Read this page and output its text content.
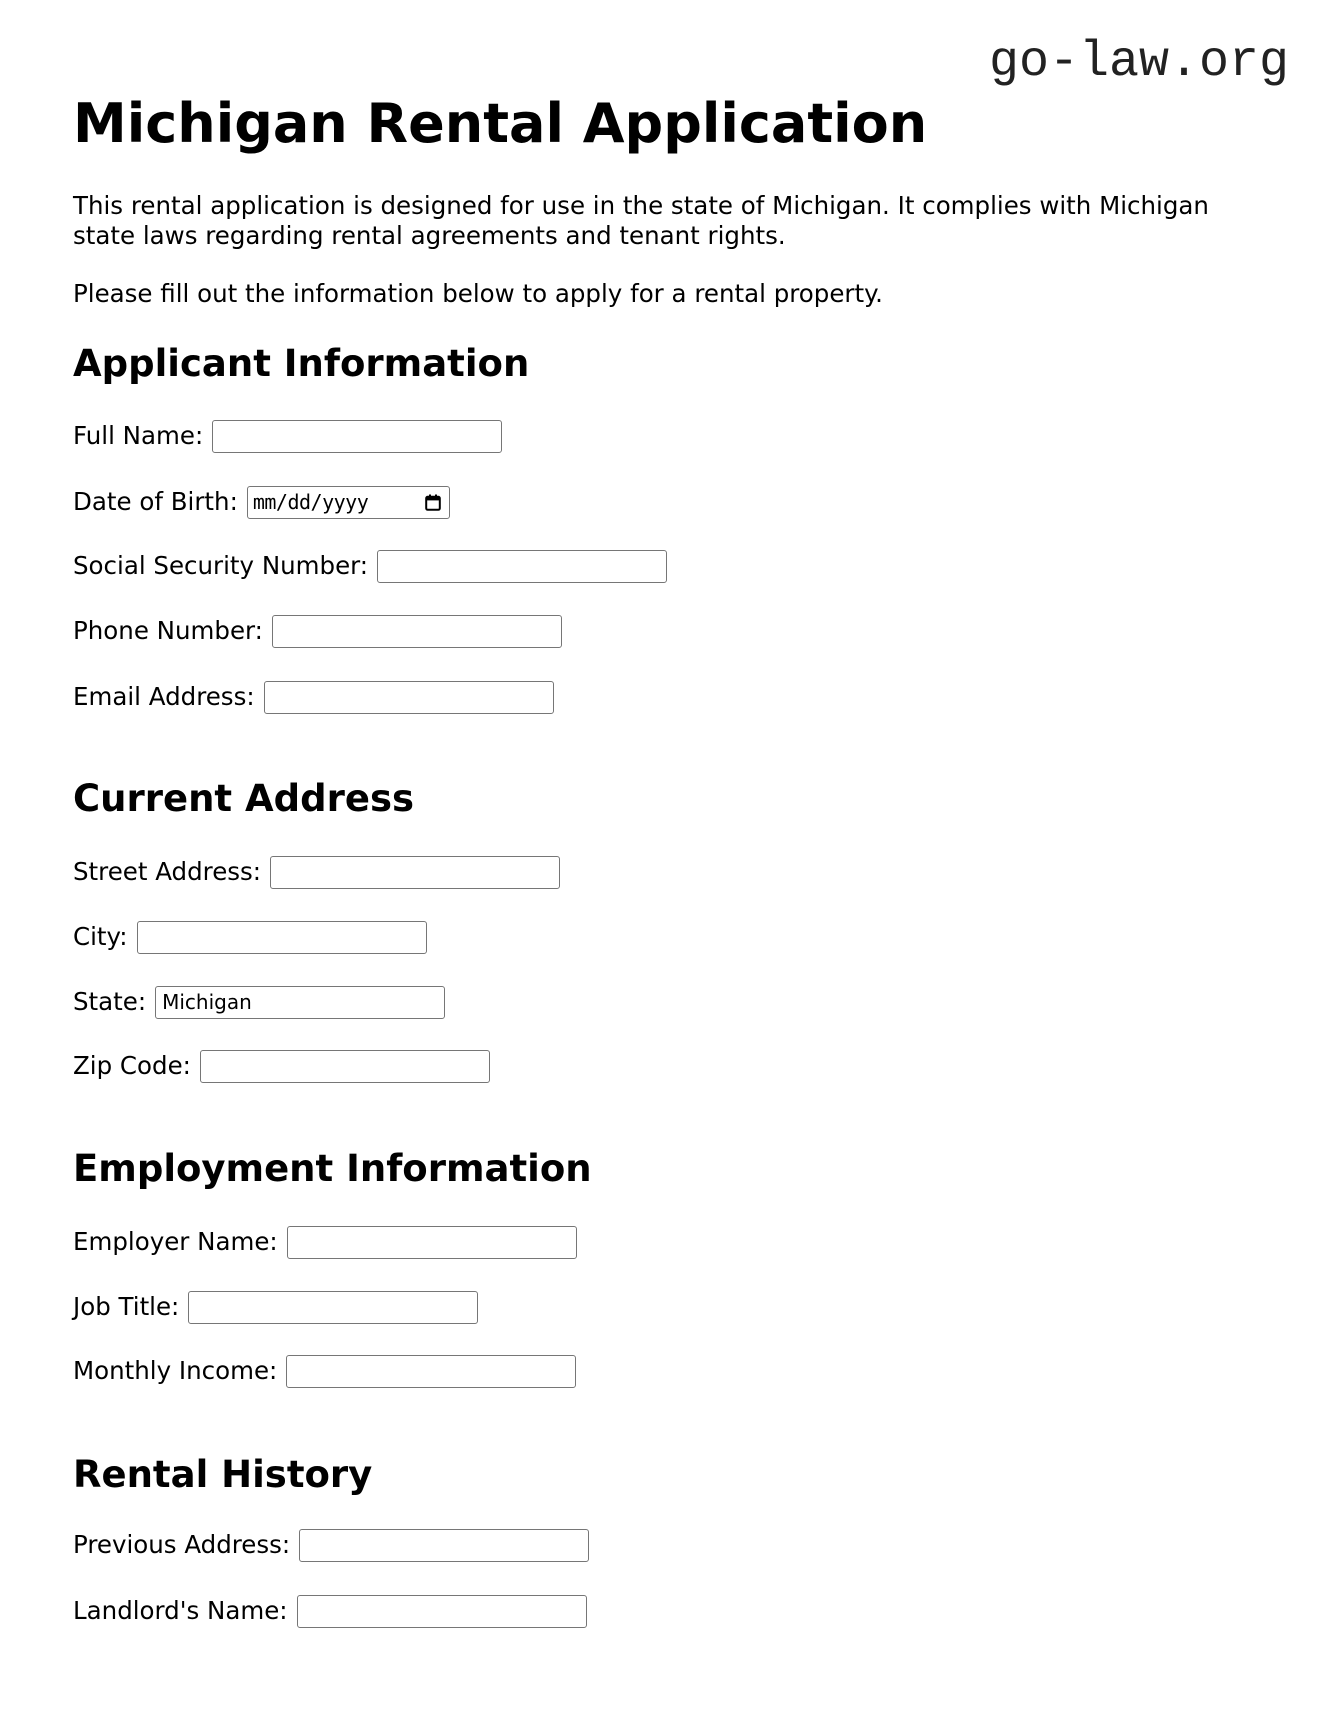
go-law.org
Michigan Rental Application

This rental application is designed for use in the state of Michigan. It complies with Michigan state laws regarding rental agreements and tenant rights.

Please fill out the information below to apply for a rental property.

Applicant Information
Full Name:
Date of Birth: mm/dd/yyyy
Social Security Number:
Phone Number:
Email Address:
Current Address
Street Address:
City:
State:
Michigan
Zip Code:
Employment Information
Employer Name:
Job Title:
Monthly Income:
Rental History
Previous Address:
Landlord's Name:
